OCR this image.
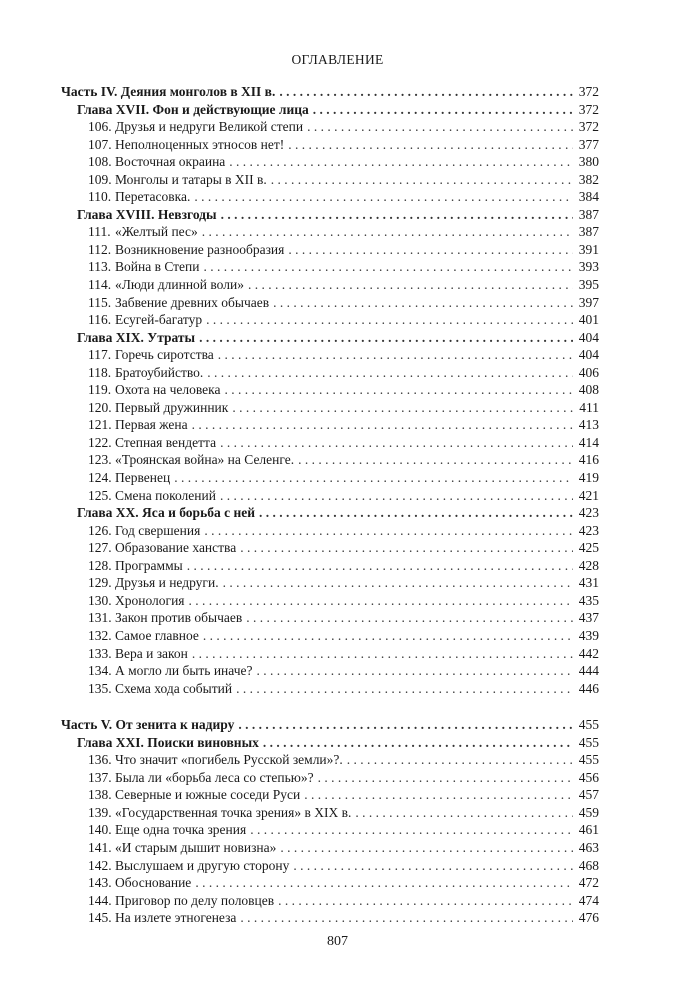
ОГЛАВЛЕНИЕ
Часть IV. Деяния монголов в XII в. . . .	372
Глава XVII. Фон и действующие лица . . .	372
106. Друзья и недруги Великой степи . . .	372
107. Неполноценных этносов нет! . . .	377
108. Восточная окраина . . .	380
109. Монголы и татары в XII в. . . .	382
110. Перетасовка. . . .	384
Глава XVIII. Невзгоды . . .	387
111. «Желтый пес» . . .	387
112. Возникновение разнообразия . . .	391
113. Война в Степи . . .	393
114. «Люди длинной воли» . . .	395
115. Забвение древних обычаев . . .	397
116. Есугей-багатур . . .	401
Глава XIX. Утраты . . .	404
117. Горечь сиротства . . .	404
118. Братоубийство. . . .	406
119. Охота на человека . . .	408
120. Первый дружинник . . .	411
121. Первая жена . . .	413
122. Степная вендетта . . .	414
123. «Троянская война» на Селенге. . . .	416
124. Первенец . . .	419
125. Смена поколений . . .	421
Глава XX. Яса и борьба с ней . . .	423
126. Год свершения . . .	423
127. Образование ханства . . .	425
128. Программы . . .	428
129. Друзья и недруги. . . .	431
130. Хронология . . .	435
131. Закон против обычаев . . .	437
132. Самое главное . . .	439
133. Вера и закон . . .	442
134. А могло ли быть иначе? . . .	444
135. Схема хода событий . . .	446
Часть V. От зенита к надиру . . .	455
Глава XXI. Поиски виновных . . .	455
136. Что значит «погибель Русской земли»?. . . .	455
137. Была ли «борьба леса со степью»? . . .	456
138. Северные и южные соседи Руси . . .	457
139. «Государственная точка зрения» в XIX в. . . .	459
140. Еще одна точка зрения . . .	461
141. «И старым дышит новизна» . . .	463
142. Выслушаем и другую сторону . . .	468
143. Обоснование . . .	472
144. Приговор по делу половцев . . .	474
145. На излете этногенеза . . .	476
807
